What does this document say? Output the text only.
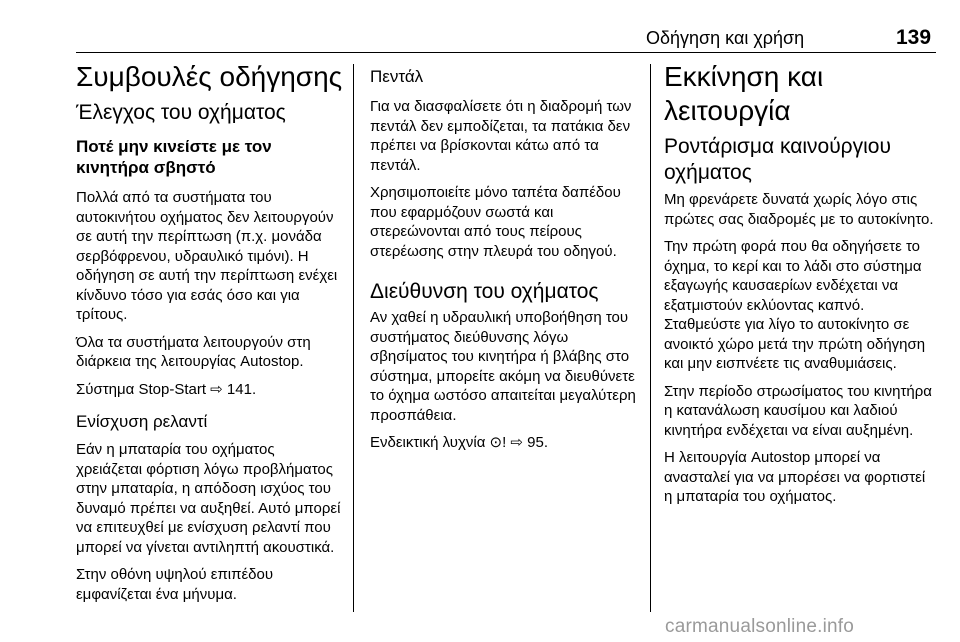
Οδήγηση και χρήση	139
Συμβουλές οδήγησης
Έλεγχος του οχήματος
Ποτέ μην κινείστε με τον κινητήρα σβηστό

Πολλά από τα συστήματα του αυτοκινήτου οχήματος δεν λειτουργούν σε αυτή την περίπτωση (π.χ. μονάδα σερβόφρενου, υδραυλικό τιμόνι). Η οδήγηση σε αυτή την περίπτωση ενέχει κίνδυνο τόσο για εσάς όσο και για τρίτους.

Όλα τα συστήματα λειτουργούν στη διάρκεια της λειτουργίας Autostop.

Σύστημα Stop-Start ⇨ 141.

Ενίσχυση ρελαντί

Εάν η μπαταρία του οχήματος χρειάζεται φόρτιση λόγω προβλήματος στην μπαταρία, η απόδοση ισχύος του δυναμό πρέπει να αυξηθεί. Αυτό μπορεί να επιτευχθεί με ενίσχυση ρελαντί που μπορεί να γίνεται αντιληπτή ακουστικά.

Στην οθόνη υψηλού επιπέδου εμφανίζεται ένα μήνυμα.

Πεντάλ

Για να διασφαλίσετε ότι η διαδρομή των πεντάλ δεν εμποδίζεται, τα πατάκια δεν πρέπει να βρίσκονται κάτω από τα πεντάλ.

Χρησιμοποιείτε μόνο ταπέτα δαπέδου που εφαρμόζουν σωστά και στερεώνονται από τους πείρους στερέωσης στην πλευρά του οδηγού.

Διεύθυνση του οχήματος

Αν χαθεί η υδραυλική υποβοήθηση του συστήματος διεύθυνσης λόγω σβησίματος του κινητήρα ή βλάβης στο σύστημα, μπορείτε ακόμη να διευθύνετε το όχημα ωστόσο απαιτείται μεγαλύτερη προσπάθεια.

Ενδεικτική λυχνία ⊙! ⇨ 95.

Εκκίνηση και λειτουργία
Ροντάρισμα καινούργιου οχήματος

Μη φρενάρετε δυνατά χωρίς λόγο στις πρώτες σας διαδρομές με το αυτοκίνητο.

Την πρώτη φορά που θα οδηγήσετε το όχημα, το κερί και το λάδι στο σύστημα εξαγωγής καυσαερίων ενδέχεται να εξατμιστούν εκλύοντας καπνό. Σταθμεύστε για λίγο το αυτοκίνητο σε ανοικτό χώρο μετά την πρώτη οδήγηση και μην εισπνέετε τις αναθυμιάσεις.

Στην περίοδο στρωσίματος του κινητήρα η κατανάλωση καυσίμου και λαδιού κινητήρα ενδέχεται να είναι αυξημένη.

Η λειτουργία Autostop μπορεί να ανασταλεί για να μπορέσει να φορτιστεί η μπαταρία του οχήματος.

carmanualsonline.info
